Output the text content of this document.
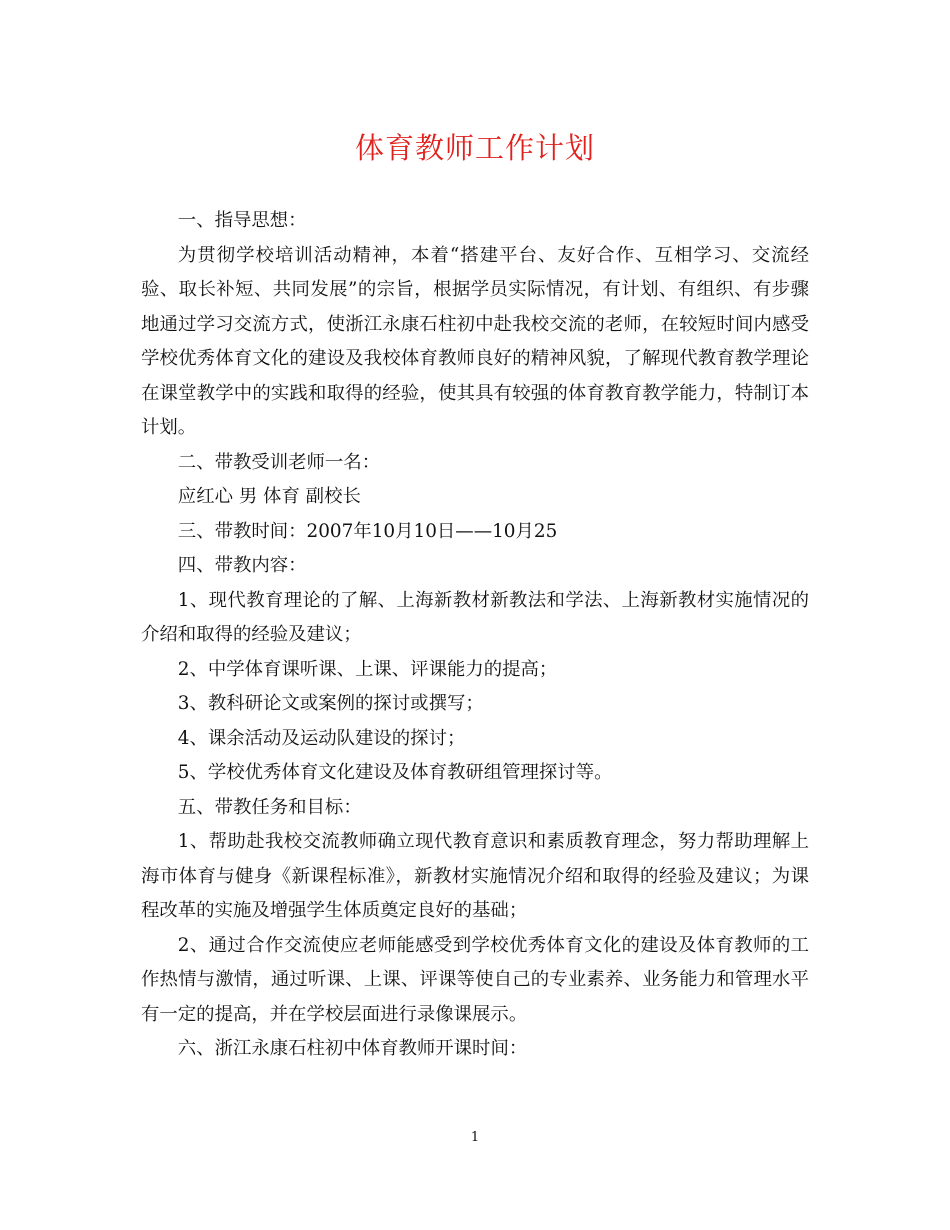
体育教师工作计划

一、指导思想：

为贯彻学校培训活动精神，本着“搭建平台、友好合作、互相学习、交流经验、取长补短、共同发展”的宗旨，根据学员实际情况，有计划、有组织、有步骤地通过学习交流方式，使浙江永康石柱初中赴我校交流的老师，在较短时间内感受学校优秀体育文化的建设及我校体育教师良好的精神风貌，了解现代教育教学理论在课堂教学中的实践和取得的经验，使其具有较强的体育教育教学能力，特制订本计划。

二、带教受训老师一名：

应红心 男 体育 副校长

三、带教时间：2007年10月10日——10月25

四、带教内容：

1、现代教育理论的了解、上海新教材新教法和学法、上海新教材实施情况的介绍和取得的经验及建议；

2、中学体育课听课、上课、评课能力的提高；

3、教科研论文或案例的探讨或撰写；

4、课余活动及运动队建设的探讨；

5、学校优秀体育文化建设及体育教研组管理探讨等。

五、带教任务和目标：

1、帮助赴我校交流教师确立现代教育意识和素质教育理念，努力帮助理解上海市体育与健身《新课程标准》，新教材实施情况介绍和取得的经验及建议；为课程改革的实施及增强学生体质奠定良好的基础；

2、通过合作交流使应老师能感受到学校优秀体育文化的建设及体育教师的工作热情与激情，通过听课、上课、评课等使自己的专业素养、业务能力和管理水平有一定的提高，并在学校层面进行录像课展示。

六、浙江永康石柱初中体育教师开课时间：

1
